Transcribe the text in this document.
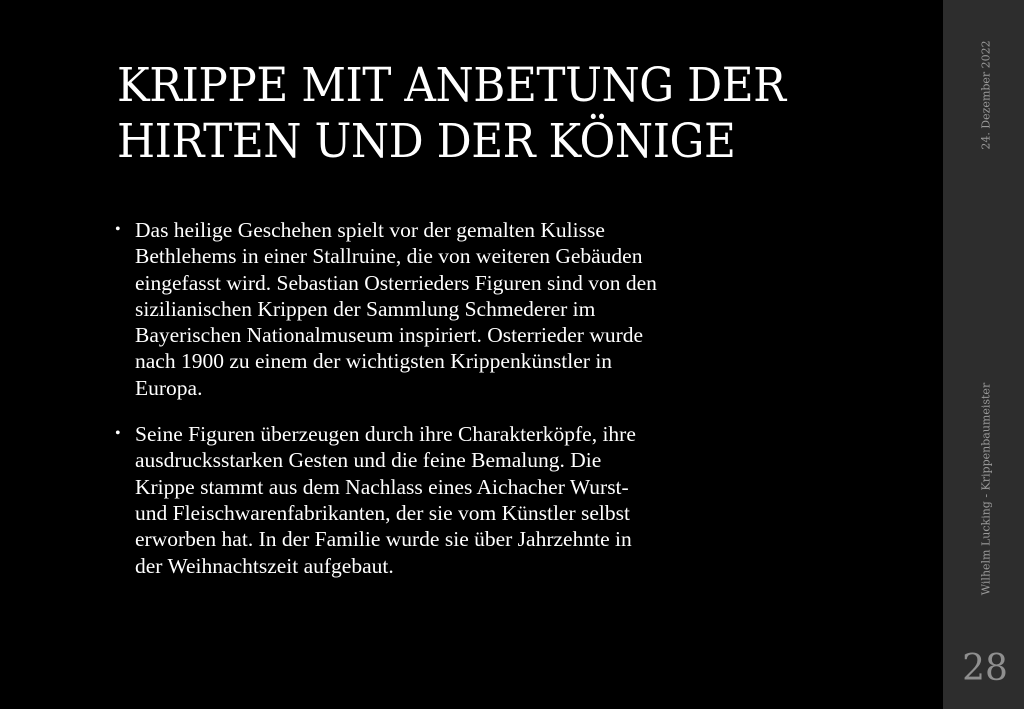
KRIPPE MIT ANBETUNG DER
HIRTEN UND DER KÖNIGE
• Das heilige Geschehen spielt vor der gemalten Kulisse
Bethlehems in einer Stallruine, die von weiteren Gebäuden
eingefasst wird. Sebastian Osterrieders Figuren sind von den
sizilianischen Krippen der Sammlung Schmederer im
Bayerischen Nationalmuseum inspiriert. Osterrieder wurde
nach 1900 zu einem der wichtigsten Krippenkünstler in
Europa.
• Seine Figuren überzeugen durch ihre Charakterköpfe, ihre
ausdrucksstarken Gesten und die feine Bemalung. Die
Krippe stammt aus dem Nachlass eines Aichacher Wurst-
und Fleischwarenfabrikanten, der sie vom Künstler selbst
erworben hat. In der Familie wurde sie über Jahrzehnte in
der Weihnachtszeit aufgebaut.
24. Dezember 2022
Wilhelm Lucking - Krippenbaumeister
28
